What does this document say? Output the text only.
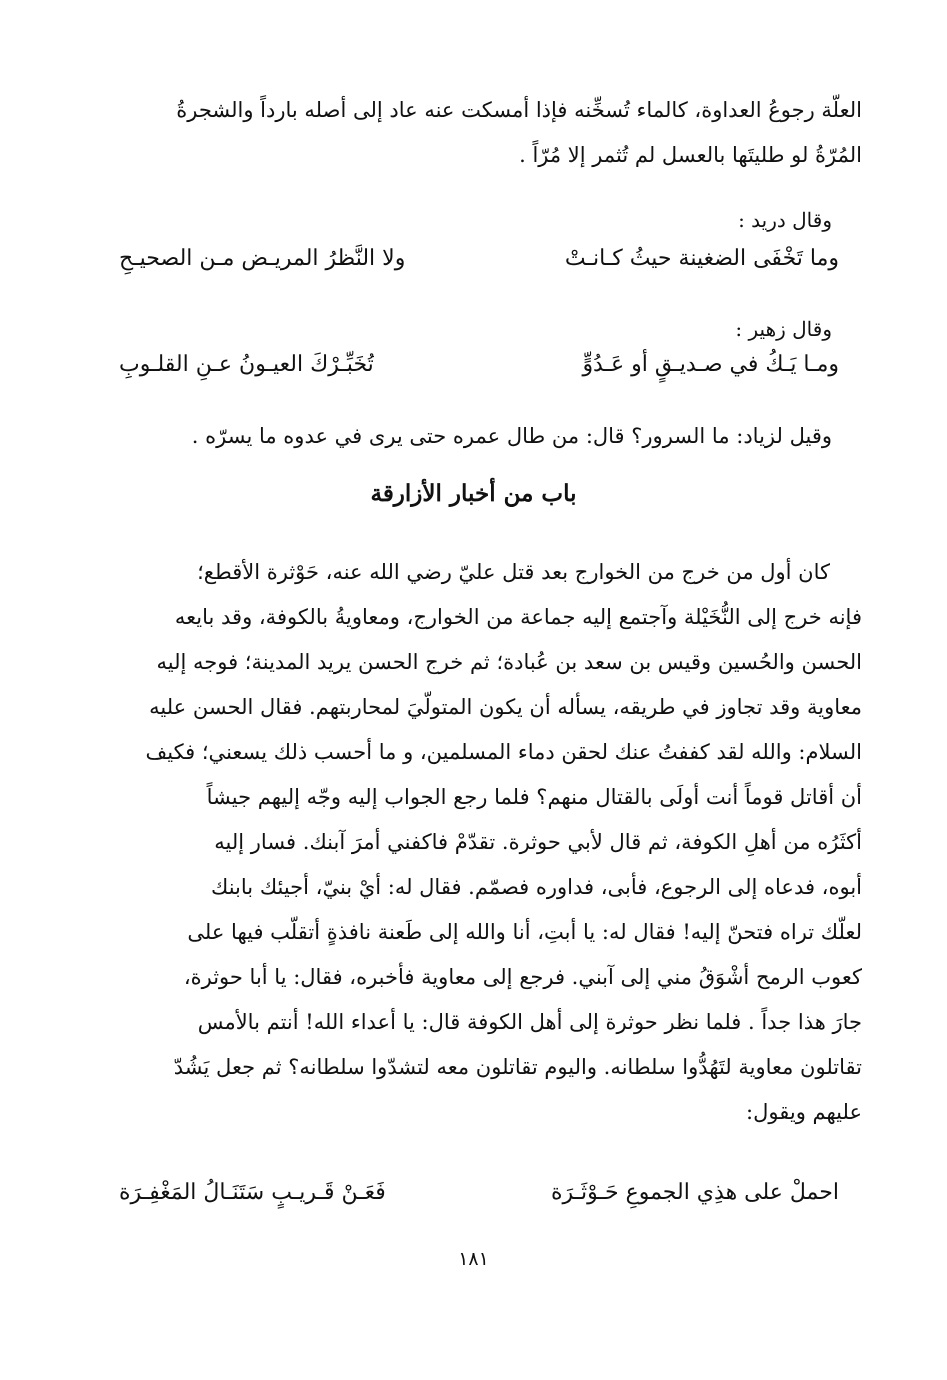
العلّة رجوعُ العداوة، كالماء تُسخِّنه فإذا أمسكت عنه عاد إلى أصله بارداً والشجرةُ
المُرّةُ لو طليتَها بالعسل لم تُثمر إلا مُرّاً .

وقال دريد :

وما تَخْفَى الضغينة حيثُ كـانـتْ
ولا النَّظرُ المريـض مـن الصحيـحِ

وقال زهير :

ومـا يَـكُ في صـديـقٍ أو عَـدُوٍّ
تُخَبِّـرْكَ العيـونُ عـنِ القلـوبِ
وقيل لزياد: ما السرور؟ قال: من طال عمره حتى يرى في عدوه ما يسرّه .
باب من أخبار الأزارقة
كان أول من خرج من الخوارج بعد قتل عليّ رضي الله عنه، حَوْثرة الأقطع؛
فإنه خرج إلى النُّخَيْلة وآجتمع إليه جماعة من الخوارج، ومعاويةُ بالكوفة، وقد بايعه
الحسن والحُسين وقيس بن سعد بن عُبادة؛ ثم خرج الحسن يريد المدينة؛ فوجه إليه
معاوية وقد تجاوز في طريقه، يسأله أن يكون المتولّيَ لمحاربتهم. فقال الحسن عليه
السلام: والله لقد كففتُ عنك لحقن دماء المسلمين، و ما أحسب ذلك يسعني؛ فكيف
أن أقاتل قوماً أنت أولَى بالقتال منهم؟ فلما رجع الجواب إليه وجّه إليهم جيشاً
أكثَرُه من أهلِ الكوفة، ثم قال لأبي حوثرة. تقدّمْ فاكفني أمرَ آبنك. فسار إليه
أبوه، فدعاه إلى الرجوع، فأبى، فداوره فصمّم. فقال له: أيْ بنيّ، أجيئك بابنك
لعلّك تراه فتحنّ إليه! فقال له: يا أبتِ، أنا والله إلى طَعنة نافذةٍ أتقلّب فيها على
كعوب الرمح أشْوَقُ مني إلى آبني. فرجع إلى معاوية فأخبره، فقال: يا أبا حوثرة،
جارَ هذا جداً . فلما نظر حوثرة إلى أهل الكوفة قال: يا أعداء الله! أنتم بالأمس
تقاتلون معاوية لتَهُدُّوا سلطانه. واليوم تقاتلون معه لتشدّوا سلطانه؟ ثم جعل يَشُدّ
عليهم ويقول:
احملْ على هذِي الجموعِ حَـوْثَـرَة
فَعَـنْ قَـريـبٍ سَتَنَـالُ المَغْفِـرَة
١٨١
